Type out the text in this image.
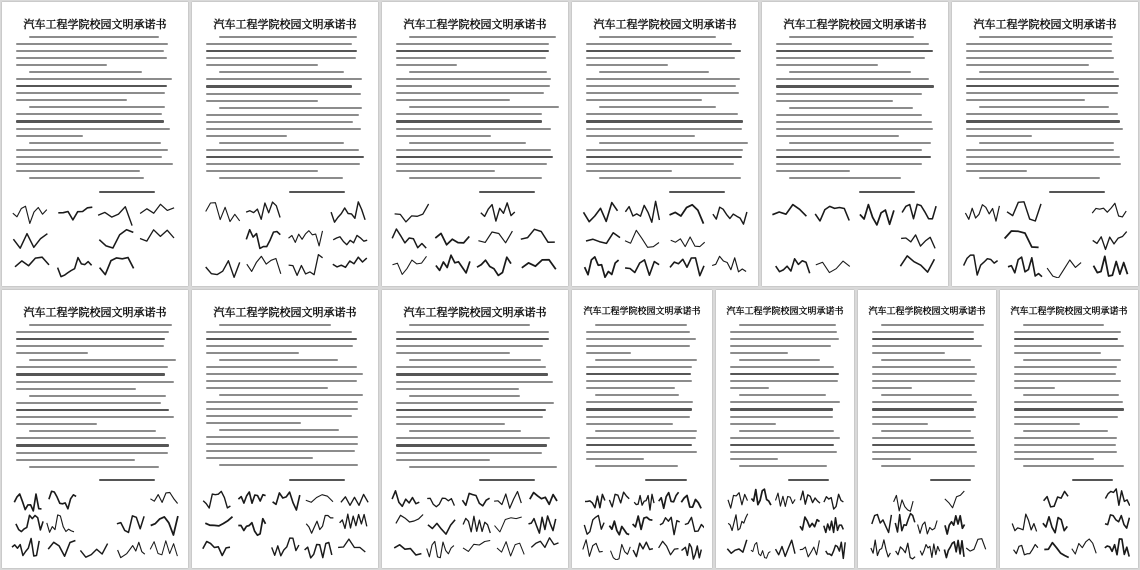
汽车工程学院校园文明承诺书	汽车工程学院校园文明承诺书	汽车工程学院校园文明承诺书	汽车工程学院校园文明承诺书	汽车工程学院校园文明承诺书	汽车工程学院校园文明承诺书
汽车工程学院校园文明承诺书	汽车工程学院校园文明承诺书	汽车工程学院校园文明承诺书	汽车工程学院校园文明承诺书	汽车工程学院校园文明承诺书	汽车工程学院校园文明承诺书	汽车工程学院校园文明承诺书
